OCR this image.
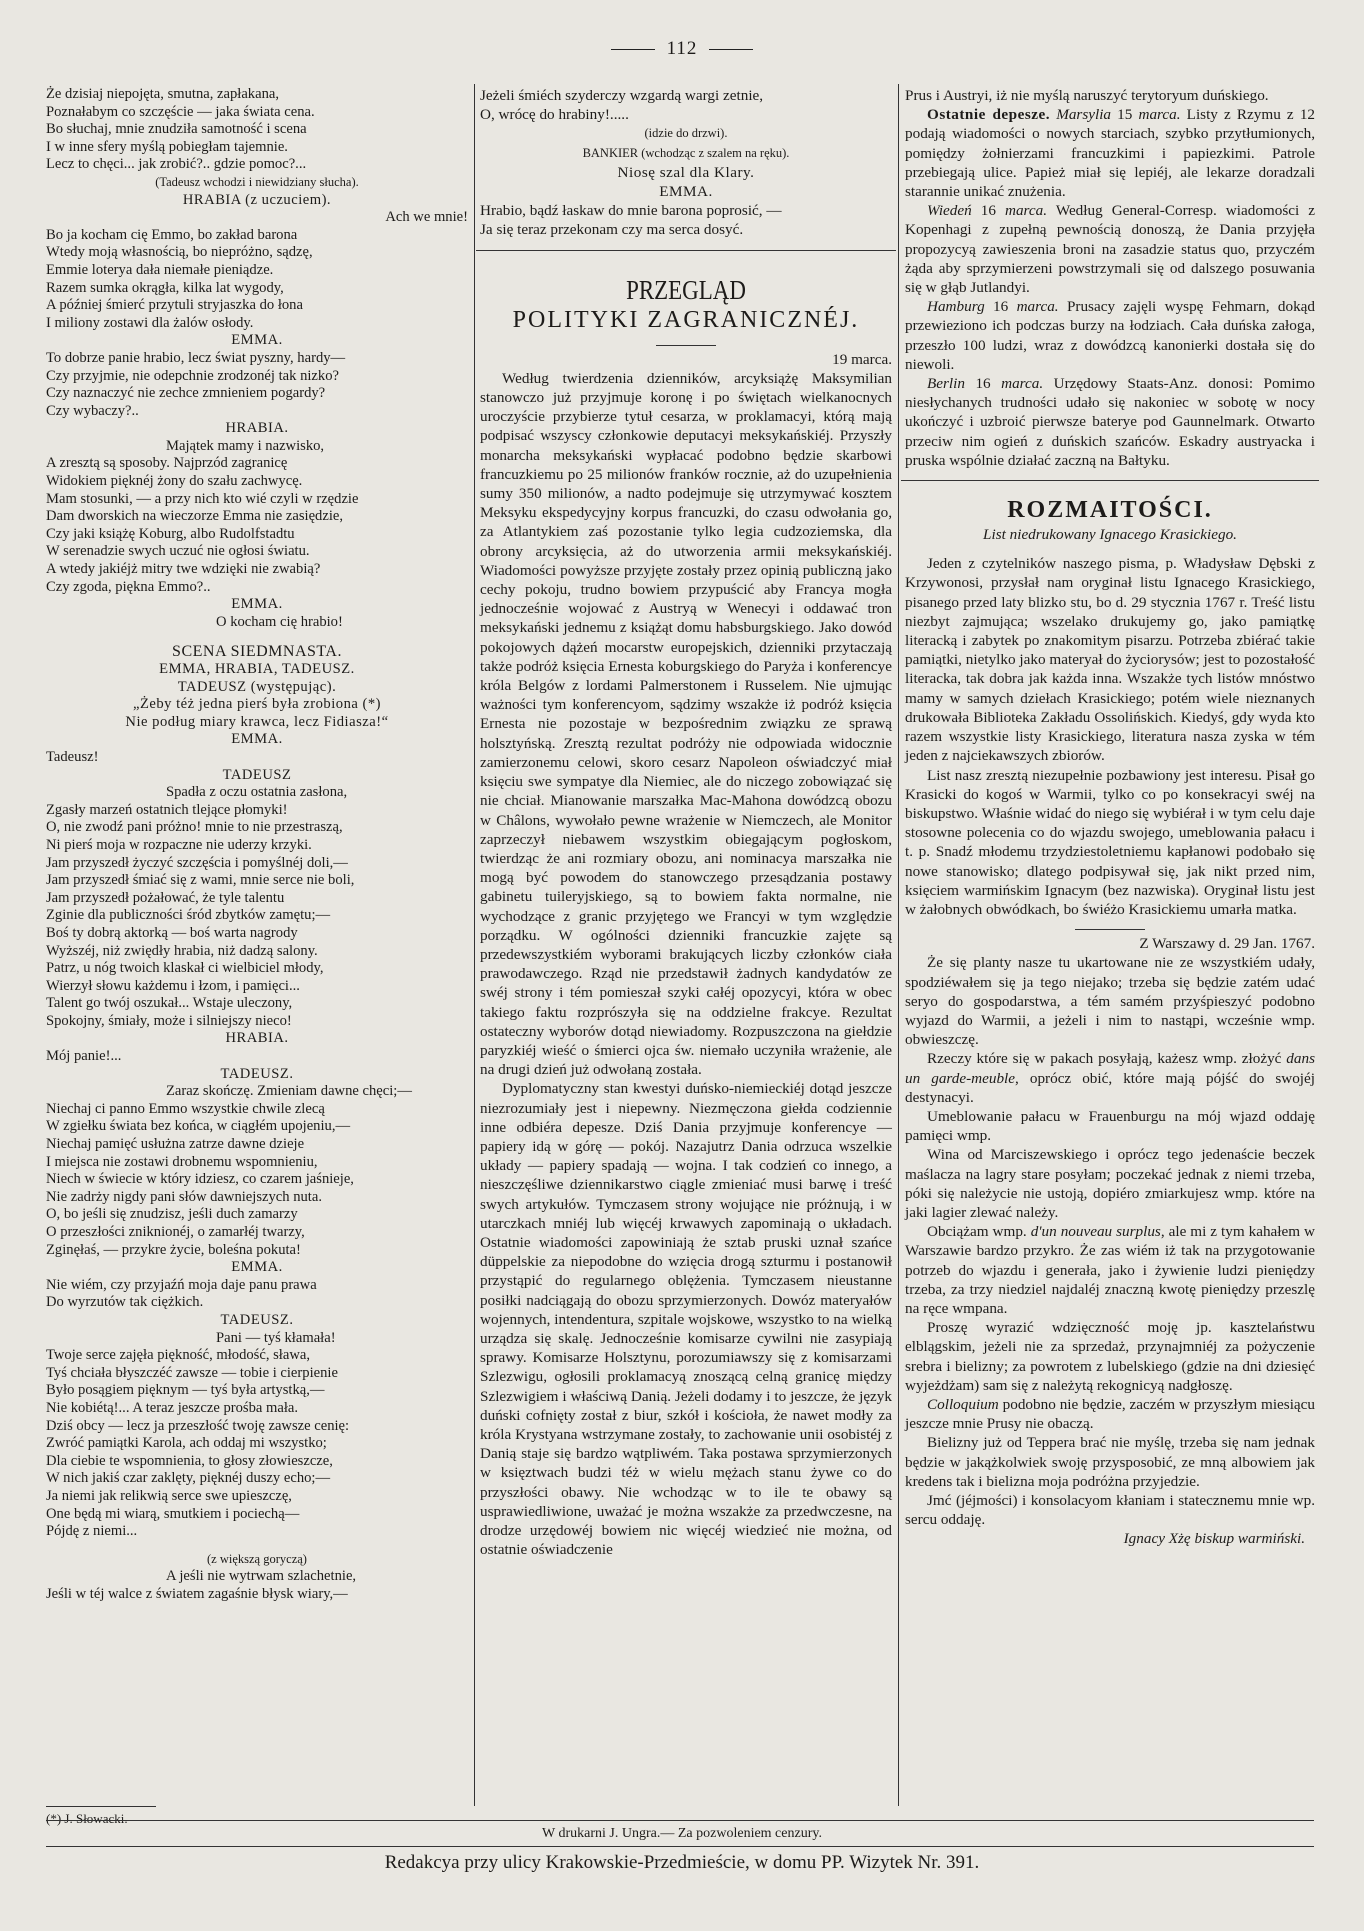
112
Że dzisiaj niepojęta, smutna, zapłakana,
Poznałabym co szczęście — jaka świata cena.
Bo słuchaj, mnie znudziła samotność i scena
I w inne sfery myślą pobiegłam tajemnie.
Lecz to chęci... jak zrobić?.. gdzie pomoc?...
(Tadeusz wchodzi i niewidziany słucha).
HRABIA (z uczuciem).
Ach we mnie!
Bo ja kocham cię Emmo, bo zakład barona
Wtedy moją własnością, bo niepróżno, sądzę,
Emmie loterya dała niemałe pieniądze.
Razem sumka okrągła, kilka lat wygody,
A później śmierć przytuli stryjaszka do łona
I miliony zostawi dla żalów osłody.
EMMA.
To dobrze panie hrabio, lecz świat pyszny, hardy—
Czy przyjmie, nie odepchnie zrodzonéj tak nizko?
Czy naznaczyć nie zechce zmnieniem pogardy?
Czy wybaczy?..
HRABIA.
Majątek mamy i nazwisko,
A zresztą są sposoby. Najprzód zagranicę
Widokiem pięknéj żony do szału zachwycę.
Mam stosunki, — a przy nich kto wié czyli w rzędzie
Dam dworskich na wieczorze Emma nie zasiędzie,
Czy jaki książę Koburg, albo Rudolfstadtu
W serenadzie swych uczuć nie ogłosi światu.
A wtedy jakiéjż mitry twe wdzięki nie zwabią?
Czy zgoda, piękna Emmo?..
EMMA.
O kocham cię hrabio!
SCENA SIEDMNASTA.
EMMA, HRABIA, TADEUSZ.
TADEUSZ (występując).
„Żeby téż jedna pierś była zrobiona (*)
Nie podług miary krawca, lecz Fidiasza!“
EMMA.
Tadeusz!
TADEUSZ
Spadła z oczu ostatnia zasłona,
Zgasły marzeń ostatnich tlejące płomyki!
O, nie zwodź pani próżno! mnie to nie przestraszą,
Ni pierś moja w rozpaczne nie uderzy krzyki.
Jam przyszedł życzyć szczęścia i pomyślnéj doli,—
Jam przyszedł śmiać się z wami, mnie serce nie boli,
Jam przyszedł pożałować, że tyle talentu
Zginie dla publiczności śród zbytków zamętu;—
Boś ty dobrą aktorką — boś warta nagrody
Wyższéj, niż zwiędły hrabia, niż dadzą salony.
Patrz, u nóg twoich klaskał ci wielbiciel młody,
Wierzył słowu każdemu i łzom, i pamięci...
Talent go twój oszukał... Wstaje uleczony,
Spokojny, śmiały, może i silniejszy nieco!
HRABIA.
Mój panie!...
TADEUSZ.
Zaraz skończę. Zmieniam dawne chęci;—
Niechaj ci panno Emmo wszystkie chwile zlecą
W zgiełku świata bez końca, w ciągłém upojeniu,—
Niechaj pamięć usłużna zatrze dawne dzieje
I miejsca nie zostawi drobnemu wspomnieniu,
Niech w świecie w który idziesz, co czarem jaśnieje,
Nie zadrży nigdy pani słów dawniejszych nuta.
O, bo jeśli się znudzisz, jeśli duch zamarzy
O przeszłości zniknionéj, o zamarłéj twarzy,
Zginęłaś, — przykre życie, boleśna pokuta!
EMMA.
Nie wiém, czy przyjaźń moja daje panu prawa
Do wyrzutów tak ciężkich.
TADEUSZ.
Pani — tyś kłamała!
Twoje serce zajęła piękność, młodość, sława,
Tyś chciała błyszczéć zawsze — tobie i cierpienie
Było posągiem pięknym — tyś była artystką,—
Nie kobiétą!... A teraz jeszcze prośba mała.
Dziś obcy — lecz ja przeszłość twoję zawsze cenię:
Zwróć pamiątki Karola, ach oddaj mi wszystko;
Dla ciebie te wspomnienia, to głosy złowieszcze,
W nich jakiś czar zaklęty, pięknéj duszy echo;—
Ja niemi jak relikwią serce swe upieszczę,
One będą mi wiarą, smutkiem i pociechą—
Pójdę z niemi...
(z większą goryczą)
A jeśli nie wytrwam szlachetnie,
Jeśli w téj walce z światem zagaśnie błysk wiary,—
Jeżeli śmiéch szyderczy wzgardą wargi zetnie,
O, wrócę do hrabiny!.....
(idzie do drzwi).
BANKIER (wchodząc z szalem na ręku).
Niosę szal dla Klary.
EMMA.
Hrabio, bądź łaskaw do mnie barona poprosić, —
Ja się teraz przekonam czy ma serca dosyć.
PRZEGLĄD
POLITYKI ZAGRANICZNÉJ.
19 marca.
Według twierdzenia dzienników, arcyksiążę Maksymilian stanowczo już przyjmuje koronę i po świętach wielkanocnych uroczyście przybierze tytuł cesarza, w proklamacyi, którą mają podpisać wszyscy członkowie deputacyi meksykańskiéj. Przyszły monarcha meksykański wypłacać podobno będzie skarbowi francuzkiemu po 25 milionów franków rocznie, aż do uzupełnienia sumy 350 milionów, a nadto podejmuje się utrzymywać kosztem Meksyku ekspedycyjny korpus francuzki, do czasu odwołania go, za Atlantykiem zaś pozostanie tylko legia cudzoziemska, dla obrony arcyksięcia, aż do utworzenia armii meksykańskiéj. Wiadomości powyższe przyjęte zostały przez opinią publiczną jako cechy pokoju, trudno bowiem przypuścić aby Francya mogła jednocześnie wojować z Austryą w Wenecyi i oddawać tron meksykański jednemu z książąt domu habsburgskiego. Jako dowód pokojowych dążeń mocarstw europejskich, dzienniki przytaczają także podróż księcia Ernesta koburgskiego do Paryża i konferencye króla Belgów z lordami Palmerstonem i Russelem. Nie ujmując ważności tym konferencyom, sądzimy wszakże iż podróż księcia Ernesta nie pozostaje w bezpośrednim związku ze sprawą holsztyńską. Zresztą rezultat podróży nie odpowiada widocznie zamierzonemu celowi, skoro cesarz Napoleon oświadczyć miał księciu swe sympatye dla Niemiec, ale do niczego zobowiązać się nie chciał. Mianowanie marszałka Mac-Mahona dowódzcą obozu w Châlons, wywołało pewne wrażenie w Niemczech, ale Monitor zaprzeczył niebawem wszystkim obiegającym pogłoskom, twierdząc że ani rozmiary obozu, ani nominacya marszałka nie mogą być powodem do stanowczego przesądzania postawy gabinetu tuileryjskiego, są to bowiem fakta normalne, nie wychodzące z granic przyjętego we Francyi w tym względzie porządku. W ogólności dzienniki francuzkie zajęte są przedewszystkiém wyborami brakujących liczby członków ciała prawodawczego. Rząd nie przedstawił żadnych kandydatów ze swéj strony i tém pomieszał szyki całéj opozycyi, która w obec takiego faktu rozprószyła się na oddzielne frakcye. Rezultat ostateczny wyborów dotąd niewiadomy. Rozpuszczona na giełdzie paryzkiéj wieść o śmierci ojca św. niemało uczyniła wrażenie, ale na drugi dzień już odwołaną została.
Dyplomatyczny stan kwestyi duńsko-niemieckiéj dotąd jeszcze niezrozumiały jest i niepewny. Niezmęczona giełda codziennie inne odbiéra depesze. Dziś Dania przyjmuje konferencye — papiery idą w górę — pokój. Nazajutrz Dania odrzuca wszelkie układy — papiery spadają — wojna. I tak codzień co innego, a nieszczęśliwe dziennikarstwo ciągle zmieniać musi barwę i treść swych artykułów. Tymczasem strony wojujące nie próżnują, i w utarczkach mniéj lub więcéj krwawych zapominają o układach. Ostatnie wiadomości zapowiniają że sztab pruski uznał szańce düppelskie za niepodobne do wzięcia drogą szturmu i postanowił przystąpić do regularnego oblężenia. Tymczasem nieustanne posiłki nadciągają do obozu sprzymierzonych. Dowóz materyałów wojennych, intendentura, szpitale wojskowe, wszystko to na wielką urządza się skalę. Jednocześnie komisarze cywilni nie zasypiają sprawy. Komisarze Holsztynu, porozumiawszy się z komisarzami Szlezwigu, ogłosili proklamacyą znoszącą celną granicę między Szlezwigiem i właściwą Danią. Jeżeli dodamy i to jeszcze, że język duński cofnięty został z biur, szkół i kościoła, że nawet modły za króla Krystyana wstrzymane zostały, to zachowanie unii osobistéj z Danią staje się bardzo wątpliwém. Taka postawa sprzymierzonych w księztwach budzi téż w wielu mężach stanu żywe co do przyszłości obawy. Nie wchodząc w to ile te obawy są usprawiedliwione, uważać je można wszakże za przedwczesne, na drodze urzędowéj bowiem nic więcéj wiedzieć nie można, od ostatnie oświadczenie
Prus i Austryi, iż nie myślą naruszyć terytoryum duńskiego.
Ostatnie depesze. Marsylia 15 marca. Listy z Rzymu z 12 podają wiadomości o nowych starciach, szybko przytłumionych, pomiędzy żołnierzami francuzkimi i papiezkimi. Patrole przebiegają ulice. Papież miał się lepiéj, ale lekarze doradzali starannie unikać znużenia.
Wiedeń 16 marca. Według General-Corresp. wiadomości z Kopenhagi z zupełną pewnością donoszą, że Dania przyjęła propozycyą zawieszenia broni na zasadzie status quo, przyczém żąda aby sprzymierzeni powstrzymali się od dalszego posuwania się w głąb Jutlandyi.
Hamburg 16 marca. Prusacy zajęli wyspę Fehmarn, dokąd przewieziono ich podczas burzy na łodziach. Cała duńska załoga, przeszło 100 ludzi, wraz z dowódzcą kanonierki dostała się do niewoli.
Berlin 16 marca. Urzędowy Staats-Anz. donosi: Pomimo niesłychanych trudności udało się nakoniec w sobotę w nocy ukończyć i uzbroić pierwsze baterye pod Gaunnelmark. Otwarto przeciw nim ogień z duńskich szańców. Eskadry austryacka i pruska wspólnie działać zaczną na Bałtyku.
ROZMAITOŚCI.
List niedrukowany Ignacego Krasickiego.
Jeden z czytelników naszego pisma, p. Władysław Dębski z Krzywonosi, przysłał nam oryginał listu Ignacego Krasickiego, pisanego przed laty blizko stu, bo d. 29 stycznia 1767 r. Treść listu niezbyt zajmująca; wszelako drukujemy go, jako pamiątkę literacką i zabytek po znakomitym pisarzu. Potrzeba zbiérać takie pamiątki, nietylko jako materyał do życiorysów; jest to pozostałość literacka, tak dobra jak każda inna. Wszakże tych listów mnóstwo mamy w samych dziełach Krasickiego; potém wiele nieznanych drukowała Biblioteka Zakładu Ossolińskich. Kiedyś, gdy wyda kto razem wszystkie listy Krasickiego, literatura nasza zyska w tém jeden z najciekawszych zbiorów.
List nasz zresztą niezupełnie pozbawiony jest interesu. Pisał go Krasicki do kogoś w Warmii, tylko co po konsekracyi swéj na biskupstwo. Właśnie widać do niego się wybiérał i w tym celu daje stosowne polecenia co do wjazdu swojego, umeblowania pałacu i t. p. Snadź młodemu trzydziestoletniemu kapłanowi podobało się nowe stanowisko; dlatego podpisywał się, jak nikt przed nim, księciem warmińskim Ignacym (bez nazwiska). Oryginał listu jest w żałobnych obwódkach, bo świéżo Krasickiemu umarła matka.
Z Warszawy d. 29 Jan. 1767.
Że się planty nasze tu ukartowane nie ze wszystkiém udały, spodziéwałem się ja tego niejako; trzeba się będzie zatém udać seryo do gospodarstwa, a tém samém przyśpieszyć podobno wyjazd do Warmii, a jeżeli i nim to nastąpi, wcześnie wmp. obwieszczę.
Rzeczy które się w pakach posyłają, każesz wmp. złożyć dans un garde-meuble, oprócz obić, które mają pójść do swojéj destynacyi.
Umeblowanie pałacu w Frauenburgu na mój wjazd oddaję pamięci wmp.
Wina od Marciszewskiego i oprócz tego jedenaście beczek maślacza na lagry stare posyłam; poczekać jednak z niemi trzeba, póki się należycie nie ustoją, dopiéro zmiarkujesz wmp. które na jaki lagier zlewać należy.
Obciążam wmp. d'un nouveau surplus, ale mi z tym kahałem w Warszawie bardzo przykro. Że zas wiém iż tak na przygotowanie potrzeb do wjazdu i generała, jako i żywienie ludzi pieniędzy trzeba, za trzy niedziel najdaléj znaczną kwotę pieniędzy przeszlę na ręce wmpana.
Proszę wyrazić wdzięczność moję jp. kasztelaństwu elblągskim, jeżeli nie za sprzedaż, przynajmniéj za pożyczenie srebra i bielizny; za powrotem z lubelskiego (gdzie na dni dziesięć wyjeżdżam) sam się z należytą rekognicyą nadgłoszę.
Colloquium podobno nie będzie, zaczém w przyszłym miesiącu jeszcze mnie Prusy nie obaczą.
Bielizny już od Teppera brać nie myślę, trzeba się nam jednak będzie w jakążkolwiek swoję przysposobić, ze mną albowiem jak kredens tak i bielizna moja podróżna przyjedzie.
Jmć (jéjmości) i konsolacyom kłaniam i statecznemu mnie wp. sercu oddaję.
Ignacy Xżę biskup warmiński.
(*) J. Słowacki.
W drukarni J. Ungra.— Za pozwoleniem cenzury.
Redakcya przy ulicy Krakowskie-Przedmieście, w domu PP. Wizytek Nr. 391.
